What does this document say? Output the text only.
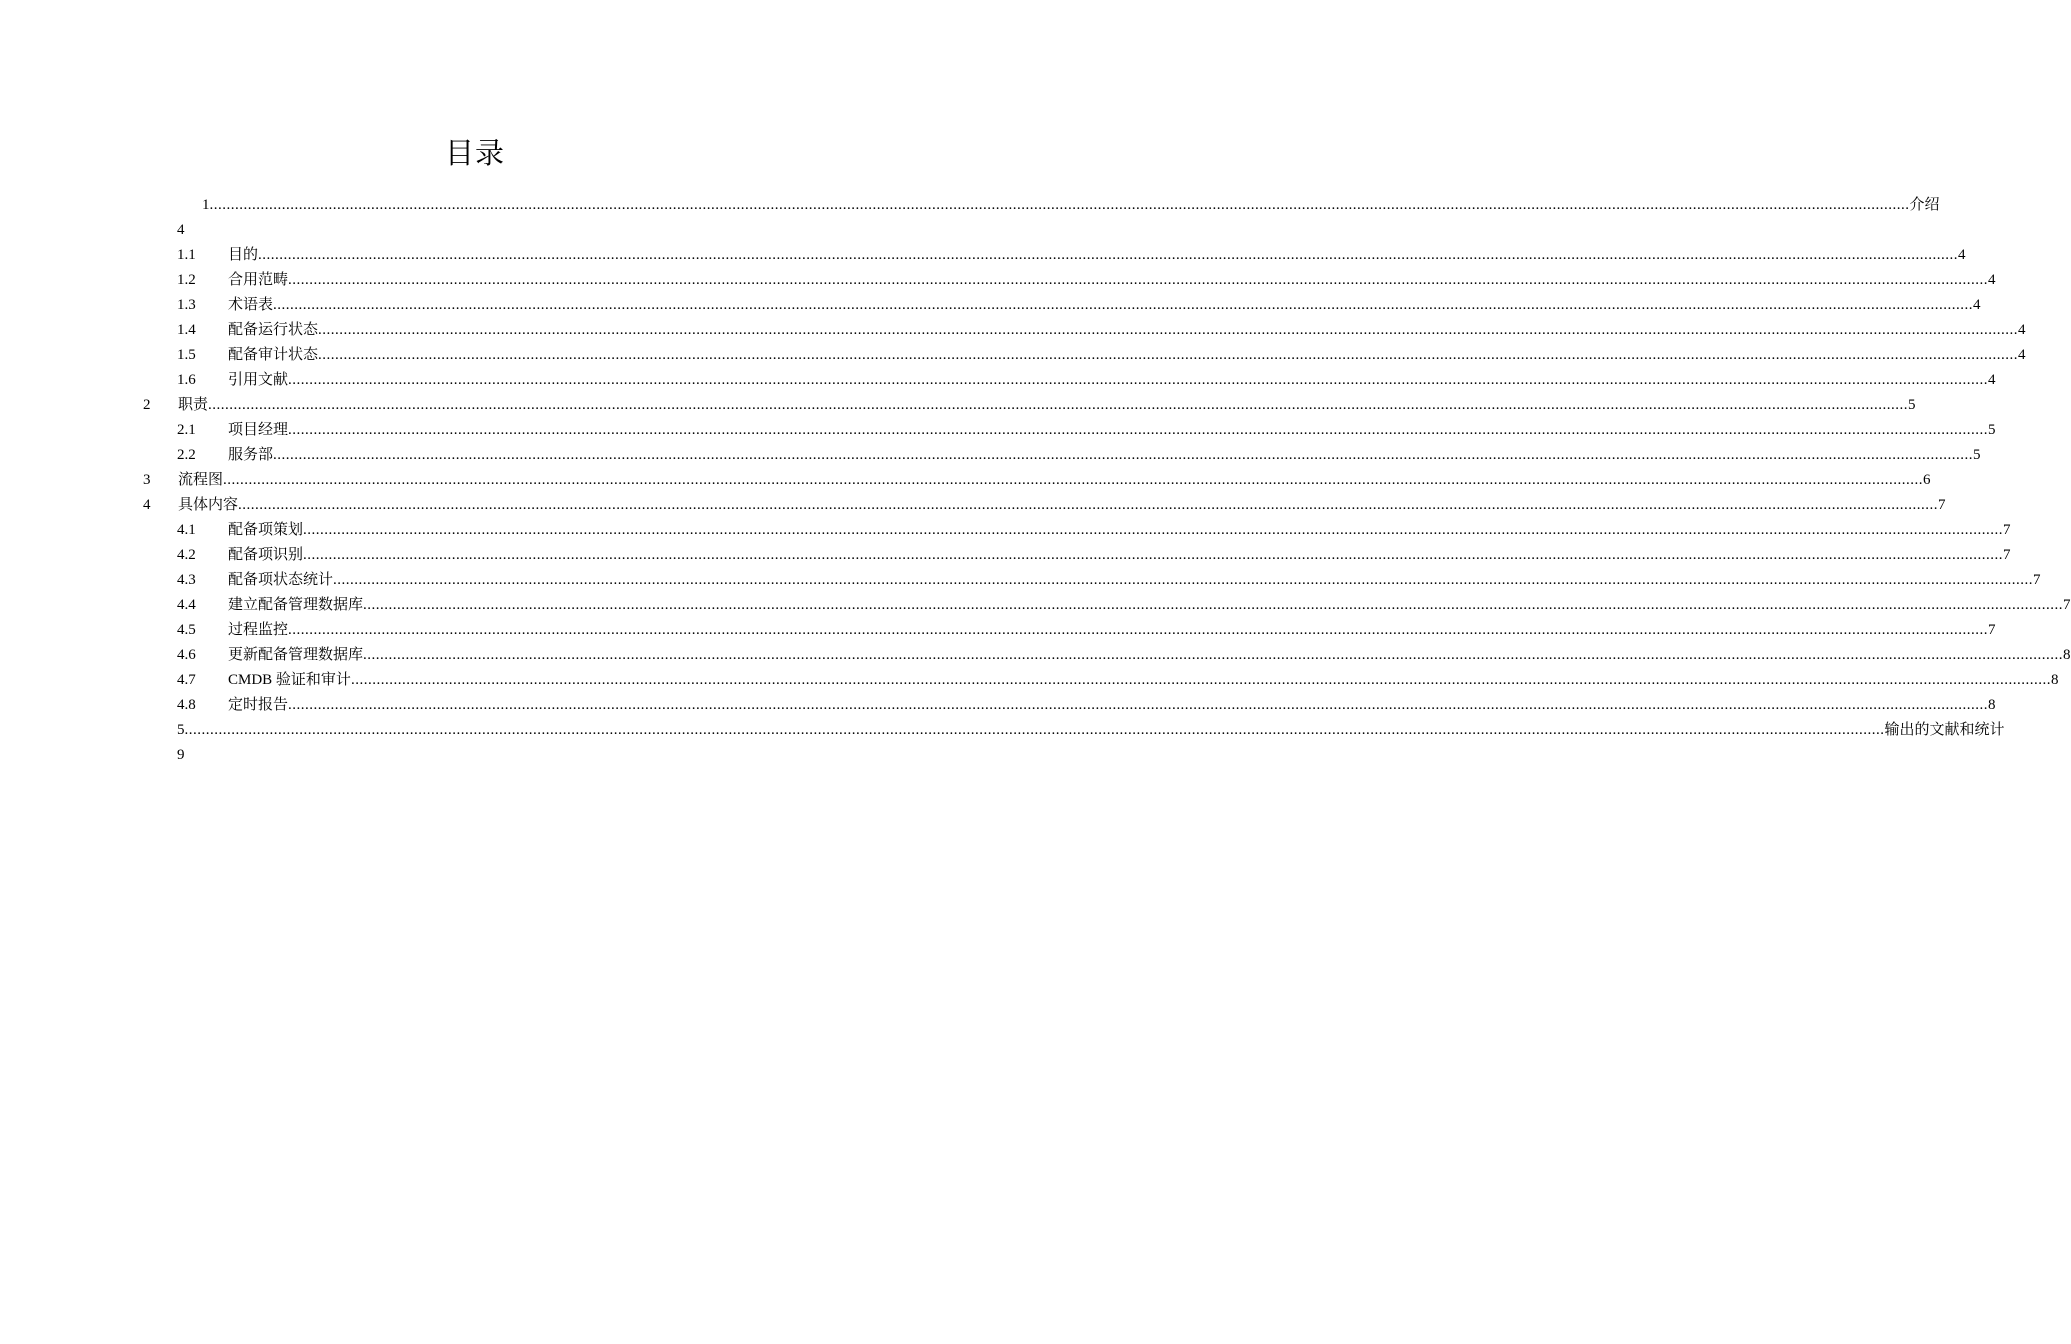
目录
1 ................................................................................................................................................................................................................................................................................................................................................................................................................ 介绍
4
1.1 目的 ................................................................................................................................................................................................................................................................................................................................................................................................................ 4
1.2 合用范畴 ................................................................................................................................................................................................................................................................................................................................................................................................................ 4
1.3 术语表 ................................................................................................................................................................................................................................................................................................................................................................................................................ 4
1.4 配备运行状态 ................................................................................................................................................................................................................................................................................................................................................................................................................ 4
1.5 配备审计状态 ................................................................................................................................................................................................................................................................................................................................................................................................................ 4
1.6 引用文献 ................................................................................................................................................................................................................................................................................................................................................................................................................ 4
2 职责 ................................................................................................................................................................................................................................................................................................................................................................................................................ 5
2.1 项目经理 ................................................................................................................................................................................................................................................................................................................................................................................................................ 5
2.2 服务部 ................................................................................................................................................................................................................................................................................................................................................................................................................ 5
3 流程图 ................................................................................................................................................................................................................................................................................................................................................................................................................ 6
4 具体内容 ................................................................................................................................................................................................................................................................................................................................................................................................................ 7
4.1 配备项策划 ................................................................................................................................................................................................................................................................................................................................................................................................................ 7
4.2 配备项识别 ................................................................................................................................................................................................................................................................................................................................................................................................................ 7
4.3 配备项状态统计 ................................................................................................................................................................................................................................................................................................................................................................................................................ 7
4.4 建立配备管理数据库 ................................................................................................................................................................................................................................................................................................................................................................................................................ 7
4.5 过程监控 ................................................................................................................................................................................................................................................................................................................................................................................................................ 7
4.6 更新配备管理数据库 ................................................................................................................................................................................................................................................................................................................................................................................................................ 8
4.7 CMDB 验证和审计 ................................................................................................................................................................................................................................................................................................................................................................................................................ 8
4.8 定时报告 ................................................................................................................................................................................................................................................................................................................................................................................................................ 8
5 ................................................................................................................................................................................................................................................................................................................................................................................................................ 输出的文献和统计
9
